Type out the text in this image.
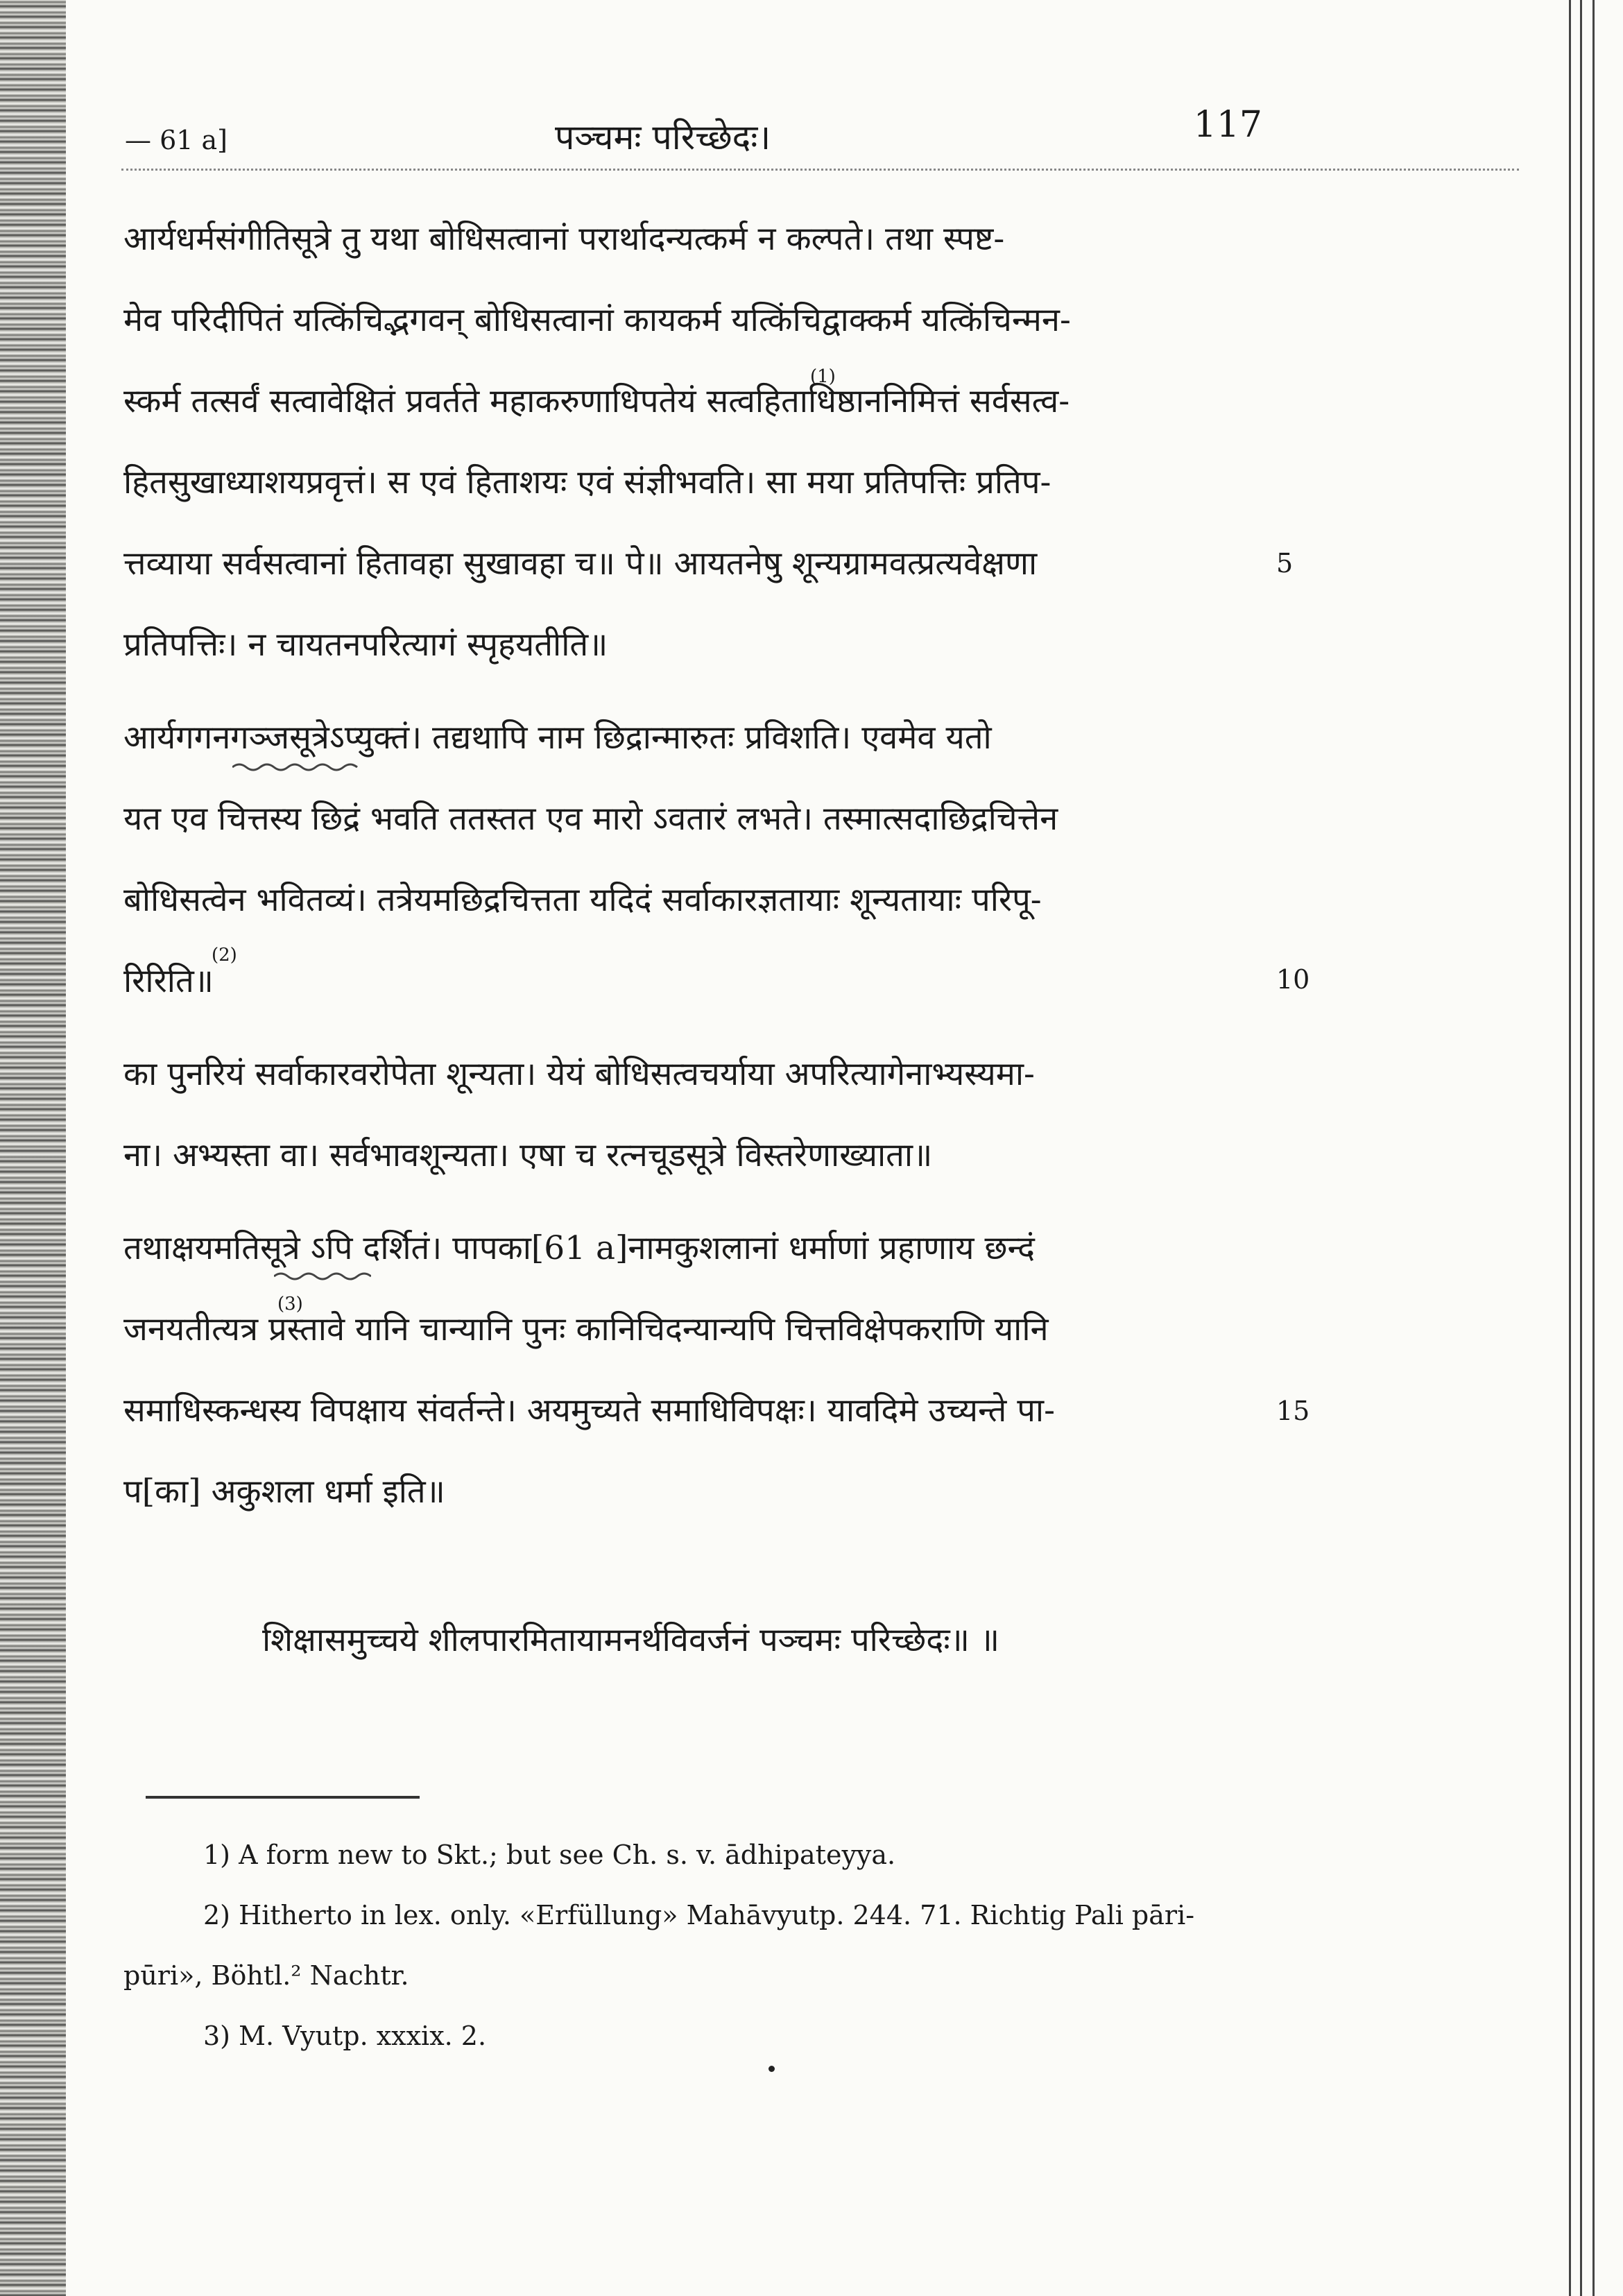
— 61 a]	पञ्चमः परिच्छेदः।	117
आर्यधर्मसंगीतिसूत्रे तु यथा बोधिसत्वानां परार्थादन्यत्कर्म न कल्पते। तथा स्पष्ट-
मेव परिदीपितं यत्किंचिद्भगवन् बोधिसत्वानां कायकर्म यत्किंचिद्वाक्कर्म यत्किंचिन्मन-
स्कर्म तत्सर्वं सत्वावेक्षितं प्रवर्तते महाकरुणाधिपतेयं सत्वहिताधिष्ठाननिमित्तं सर्वसत्व-
हितसुखाध्याशयप्रवृत्तं। स एवं हिताशयः एवं संज्ञीभवति। सा मया प्रतिपत्तिः प्रतिप-
त्तव्याया सर्वसत्वानां हितावहा सुखावहा च॥ पे॥ आयतनेषु शून्यग्रामवत्प्रत्यवेक्षणा
प्रतिपत्तिः। न चायतनपरित्यागं स्पृहयतीति॥
आर्यगगनगञ्जसूत्रेऽप्युक्तं। तद्यथापि नाम छिद्रान्मारुतः प्रविशति। एवमेव यतो
यत एव चित्तस्य छिद्रं भवति ततस्तत एव मारो ऽवतारं लभते। तस्मात्सदाछिद्रचित्तेन
बोधिसत्वेन भवितव्यं। तत्रेयमछिद्रचित्तता यदिदं सर्वाकारज्ञतायाः शून्यतायाः परिपू-
रिरिति॥
का पुनरियं सर्वाकारवरोपेता शून्यता। येयं बोधिसत्वचर्याया अपरित्यागेनाभ्यस्यमा-
ना। अभ्यस्ता वा। सर्वभावशून्यता। एषा च रत्नचूडसूत्रे विस्तरेणाख्याता॥
तथाक्षयमतिसूत्रे ऽपि दर्शितं। पापका[61 a]नामकुशलानां धर्माणां प्रहाणाय छन्दं
जनयतीत्यत्र प्रस्तावे यानि चान्यानि पुनः कानिचिदन्यान्यपि चित्तविक्षेपकराणि यानि
समाधिस्कन्धस्य विपक्षाय संवर्तन्ते। अयमुच्यते समाधिविपक्षः। यावदिमे उच्यन्ते पा-
प[का] अकुशला धर्मा इति॥
शिक्षासमुच्चये शीलपारमितायामनर्थविवर्जनं पञ्चमः परिच्छेदः॥ ॥
(1)
(2)
(3)
5
10
15
1) A form new to Skt.; but see Ch. s. v. ādhipateyya.
2) Hitherto in lex. only. «Erfüllung» Mahāvyutp. 244. 71. Richtig Pali pāri-
pūri», Böhtl.² Nachtr.
3) M. Vyutp. xxxix. 2.
